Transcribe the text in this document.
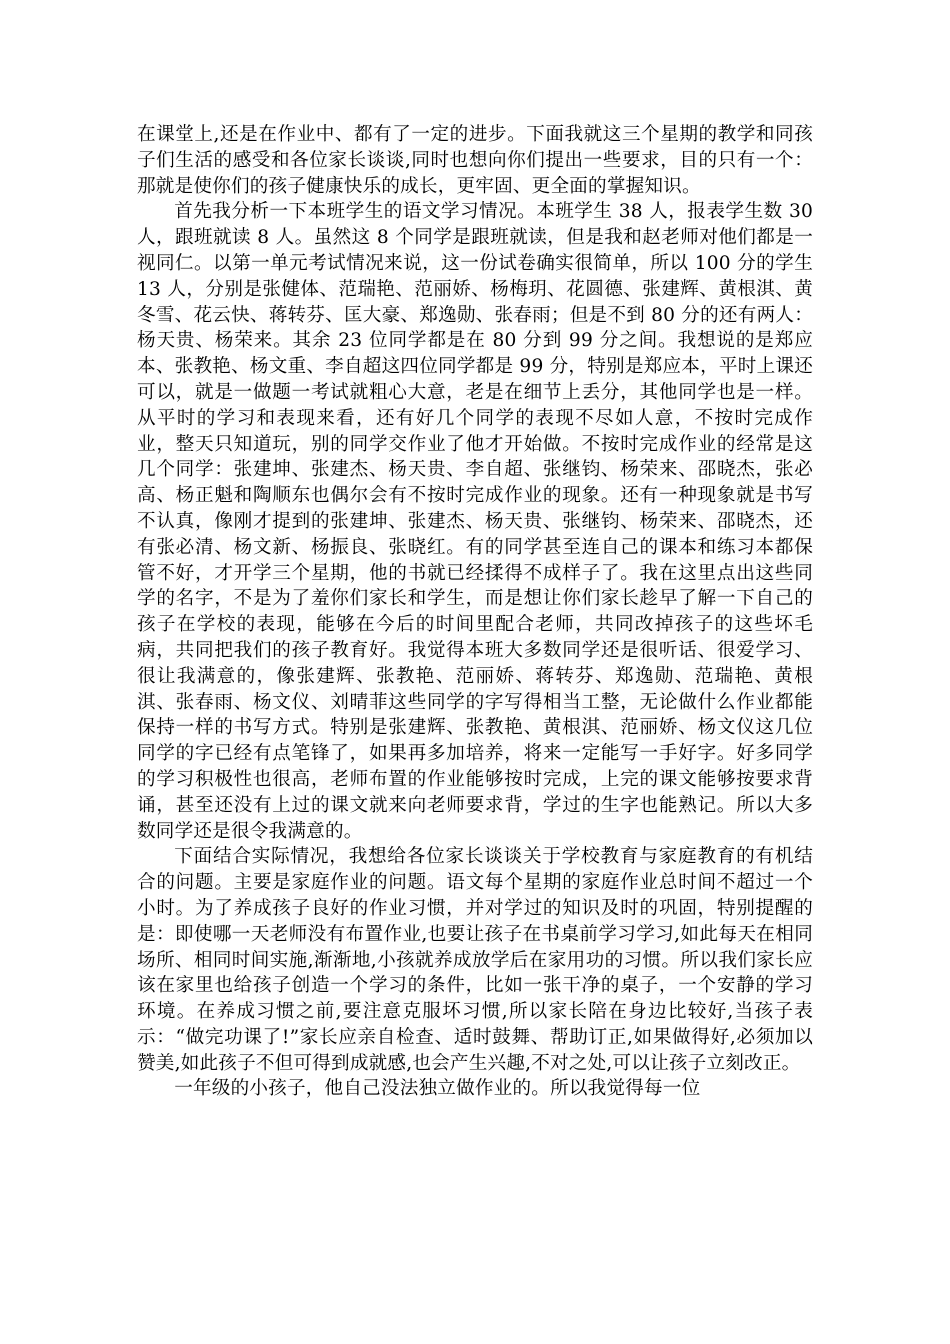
在课堂上,还是在作业中、都有了一定的进步。下面我就这三个星期的教学和同孩子们生活的感受和各位家长谈谈,同时也想向你们提出一些要求，目的只有一个：那就是使你们的孩子健康快乐的成长，更牢固、更全面的掌握知识。

首先我分析一下本班学生的语文学习情况。本班学生 38 人，报表学生数 30 人，跟班就读 8 人。虽然这 8 个同学是跟班就读，但是我和赵老师对他们都是一视同仁。以第一单元考试情况来说，这一份试卷确实很简单，所以 100 分的学生 13 人，分别是张健体、范瑞艳、范丽娇、杨梅玥、花圆德、张建辉、黄根淇、黄冬雪、花云快、蒋转芬、匡大豪、郑逸勋、张春雨；但是不到 80 分的还有两人：杨天贵、杨荣来。其余 23 位同学都是在 80 分到 99 分之间。我想说的是郑应本、张教艳、杨文重、李自超这四位同学都是 99 分，特别是郑应本，平时上课还可以，就是一做题一考试就粗心大意，老是在细节上丢分，其他同学也是一样。从平时的学习和表现来看，还有好几个同学的表现不尽如人意，不按时完成作业，整天只知道玩，别的同学交作业了他才开始做。不按时完成作业的经常是这几个同学：张建坤、张建杰、杨天贵、李自超、张继钧、杨荣来、邵晓杰，张必高、杨正魁和陶顺东也偶尔会有不按时完成作业的现象。还有一种现象就是书写不认真，像刚才提到的张建坤、张建杰、杨天贵、张继钧、杨荣来、邵晓杰，还有张必清、杨文新、杨振良、张晓红。有的同学甚至连自己的课本和练习本都保管不好，才开学三个星期，他的书就已经揉得不成样子了。我在这里点出这些同学的名字，不是为了羞你们家长和学生，而是想让你们家长趁早了解一下自己的孩子在学校的表现，能够在今后的时间里配合老师，共同改掉孩子的这些坏毛病，共同把我们的孩子教育好。我觉得本班大多数同学还是很听话、很爱学习、很让我满意的，像张建辉、张教艳、范丽娇、蒋转芬、郑逸勋、范瑞艳、黄根淇、张春雨、杨文仪、刘晴菲这些同学的字写得相当工整，无论做什么作业都能保持一样的书写方式。特别是张建辉、张教艳、黄根淇、范丽娇、杨文仪这几位同学的字已经有点笔锋了，如果再多加培养，将来一定能写一手好字。好多同学的学习积极性也很高，老师布置的作业能够按时完成，上完的课文能够按要求背诵，甚至还没有上过的课文就来向老师要求背，学过的生字也能熟记。所以大多数同学还是很令我满意的。

下面结合实际情况，我想给各位家长谈谈关于学校教育与家庭教育的有机结合的问题。主要是家庭作业的问题。语文每个星期的家庭作业总时间不超过一个小时。为了养成孩子良好的作业习惯，并对学过的知识及时的巩固，特别提醒的是：即使哪一天老师没有布置作业,也要让孩子在书桌前学习学习,如此每天在相同场所、相同时间实施,渐渐地,小孩就养成放学后在家用功的习惯。所以我们家长应该在家里也给孩子创造一个学习的条件，比如一张干净的桌子，一个安静的学习环境。在养成习惯之前,要注意克服坏习惯,所以家长陪在身边比较好,当孩子表示：“做完功课了!”家长应亲自检查、适时鼓舞、帮助订正,如果做得好,必须加以赞美,如此孩子不但可得到成就感,也会产生兴趣,不对之处,可以让孩子立刻改正。

一年级的小孩子，他自己没法独立做作业的。所以我觉得每一位
